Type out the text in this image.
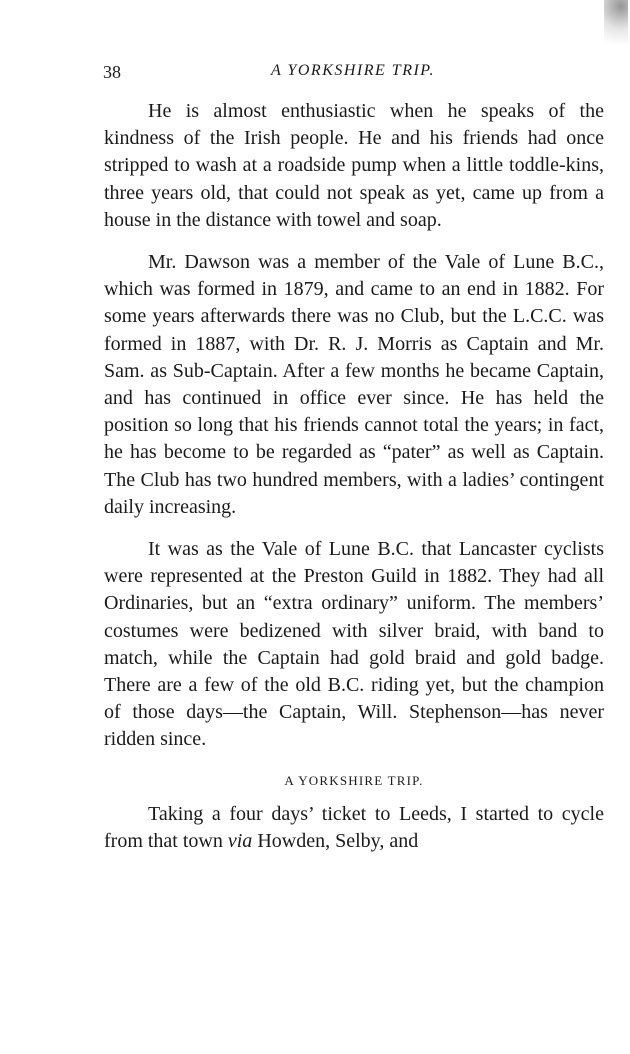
38	A YORKSHIRE TRIP.

He is almost enthusiastic when he speaks of the kindness of the Irish people. He and his friends had once stripped to wash at a roadside pump when a little toddle-kins, three years old, that could not speak as yet, came up from a house in the distance with towel and soap.

Mr. Dawson was a member of the Vale of Lune B.C., which was formed in 1879, and came to an end in 1882. For some years afterwards there was no Club, but the L.C.C. was formed in 1887, with Dr. R. J. Morris as Captain and Mr. Sam. as Sub-Captain. After a few months he became Captain, and has continued in office ever since. He has held the position so long that his friends cannot total the years; in fact, he has become to be regarded as “pater” as well as Captain. The Club has two hundred members, with a ladies’ contingent daily increasing.

It was as the Vale of Lune B.C. that Lancaster cyclists were represented at the Preston Guild in 1882. They had all Ordinaries, but an “extra ordinary” uniform. The members’ costumes were bedizened with silver braid, with band to match, while the Captain had gold braid and gold badge. There are a few of the old B.C. riding yet, but the champion of those days—the Captain, Will. Stephenson—has never ridden since.

A YORKSHIRE TRIP.

Taking a four days’ ticket to Leeds, I started to cycle from that town via Howden, Selby, and
